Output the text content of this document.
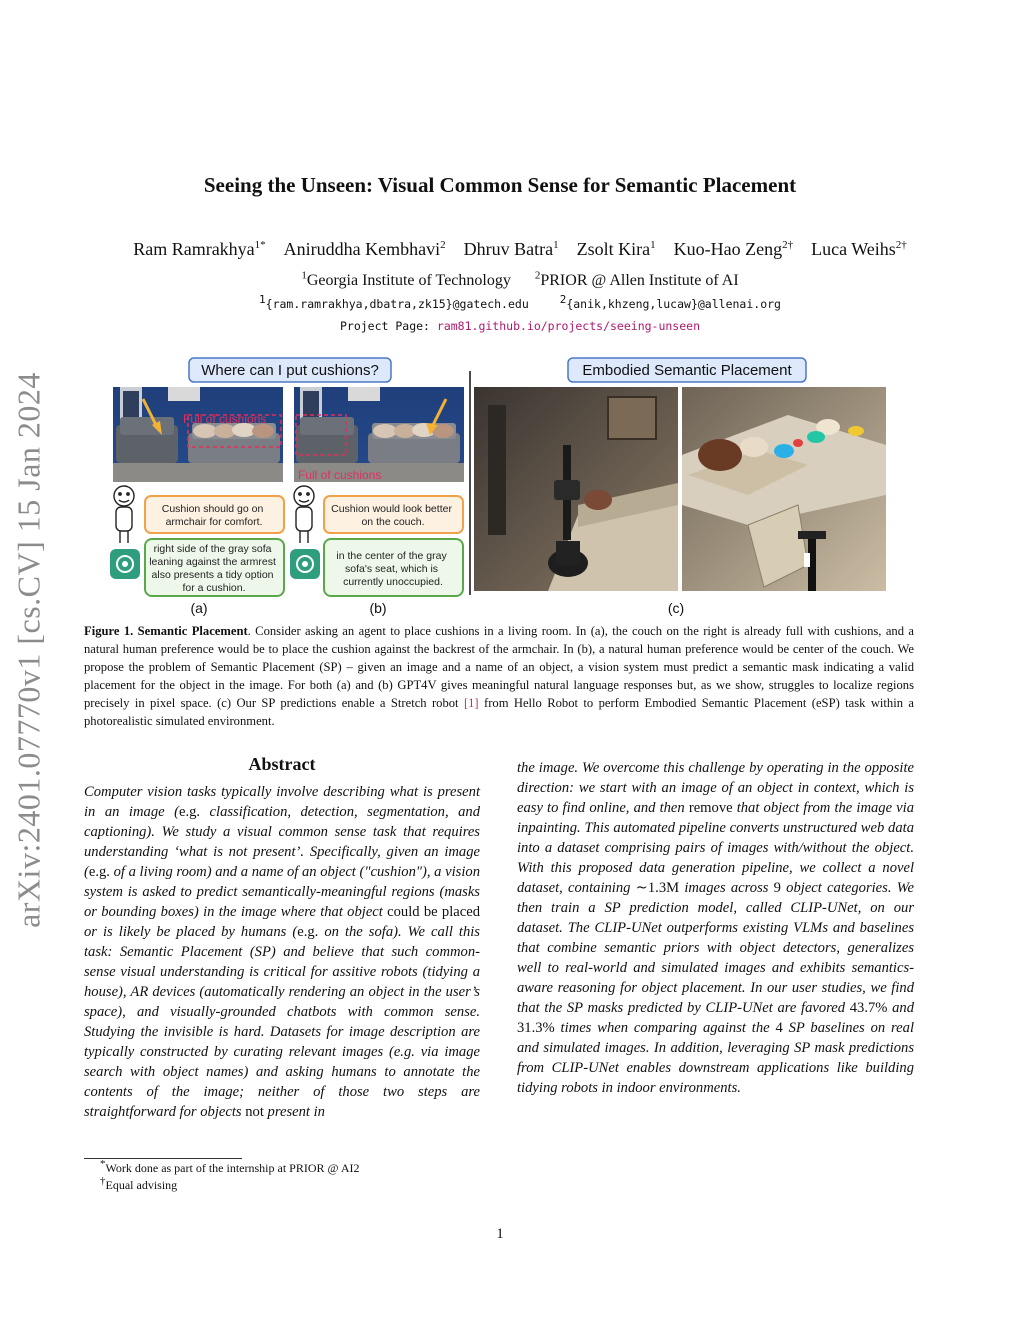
arXiv:2401.07770v1 [cs.CV] 15 Jan 2024
Seeing the Unseen: Visual Common Sense for Semantic Placement
Ram Ramrakhya$^{1*}$ Aniruddha Kembhavi$^2$ Dhruv Batra$^1$ Zsolt Kira$^1$ Kuo-Hao Zeng$^{2\dagger}$ Luca Weihs$^{2\dagger}$
$^1$Georgia Institute of Technology $^2$PRIOR @ Allen Institute of AI
$^1${ram.ramrakhya,dbatra,zk15}@gatech.edu	$^2${anik,khzeng,lucaw}@allenai.org
Project Page: ram81.github.io/projects/seeing-unseen
Where can I put cushions?	Embodied Semantic Placement
Full of cushions
Full of cushions
Cushion should go on armchair for comfort.
Cushion would look better on the couch.
right side of the gray sofa leaning against the armrest also presents a tidy option for a cushion.
in the center of the gray sofa's seat, which is currently unoccupied.
(a)	(b)	(c)
Figure 1. Semantic Placement. Consider asking an agent to place cushions in a living room. In (a), the couch on the right is already full with cushions, and a natural human preference would be to place the cushion against the backrest of the armchair. In (b), a natural human preference would be center of the couch. We propose the problem of Semantic Placement (SP) – given an image and a name of an object, a vision system must predict a semantic mask indicating a valid placement for the object in the image. For both (a) and (b) GPT4V gives meaningful natural language responses but, as we show, struggles to localize regions precisely in pixel space. (c) Our SP predictions enable a Stretch robot [1] from Hello Robot to perform Embodied Semantic Placement (eSP) task within a photorealistic simulated environment.
Abstract
Computer vision tasks typically involve describing what is present in an image (e.g. classification, detection, segmentation, and captioning). We study a visual common sense task that requires understanding ‘what is not present’. Specifically, given an image (e.g. of a living room) and a name of an object ("cushion"), a vision system is asked to predict semantically-meaningful regions (masks or bounding boxes) in the image where that object could be placed or is likely be placed by humans (e.g. on the sofa). We call this task: Semantic Placement (SP) and believe that such common-sense visual understanding is critical for assitive robots (tidying a house), AR devices (automatically rendering an object in the user’s space), and visually-grounded chatbots with common sense. Studying the invisible is hard. Datasets for image description are typically constructed by curating relevant images (e.g. via image search with object names) and asking humans to annotate the contents of the image; neither of those two steps are straightforward for objects not present in
the image. We overcome this challenge by operating in the opposite direction: we start with an image of an object in context, which is easy to find online, and then remove that object from the image via inpainting. This automated pipeline converts unstructured web data into a dataset comprising pairs of images with/without the object. With this proposed data generation pipeline, we collect a novel dataset, containing ∼1.3M images across 9 object categories. We then train a SP prediction model, called CLIP-UNet, on our dataset. The CLIP-UNet outperforms existing VLMs and baselines that combine semantic priors with object detectors, generalizes well to real-world and simulated images and exhibits semantics-aware reasoning for object placement. In our user studies, we find that the SP masks predicted by CLIP-UNet are favored 43.7% and 31.3% times when comparing against the 4 SP baselines on real and simulated images. In addition, leveraging SP mask predictions from CLIP-UNet enables downstream applications like building tidying robots in indoor environments.
*Work done as part of the internship at PRIOR @ AI2
†Equal advising
1
